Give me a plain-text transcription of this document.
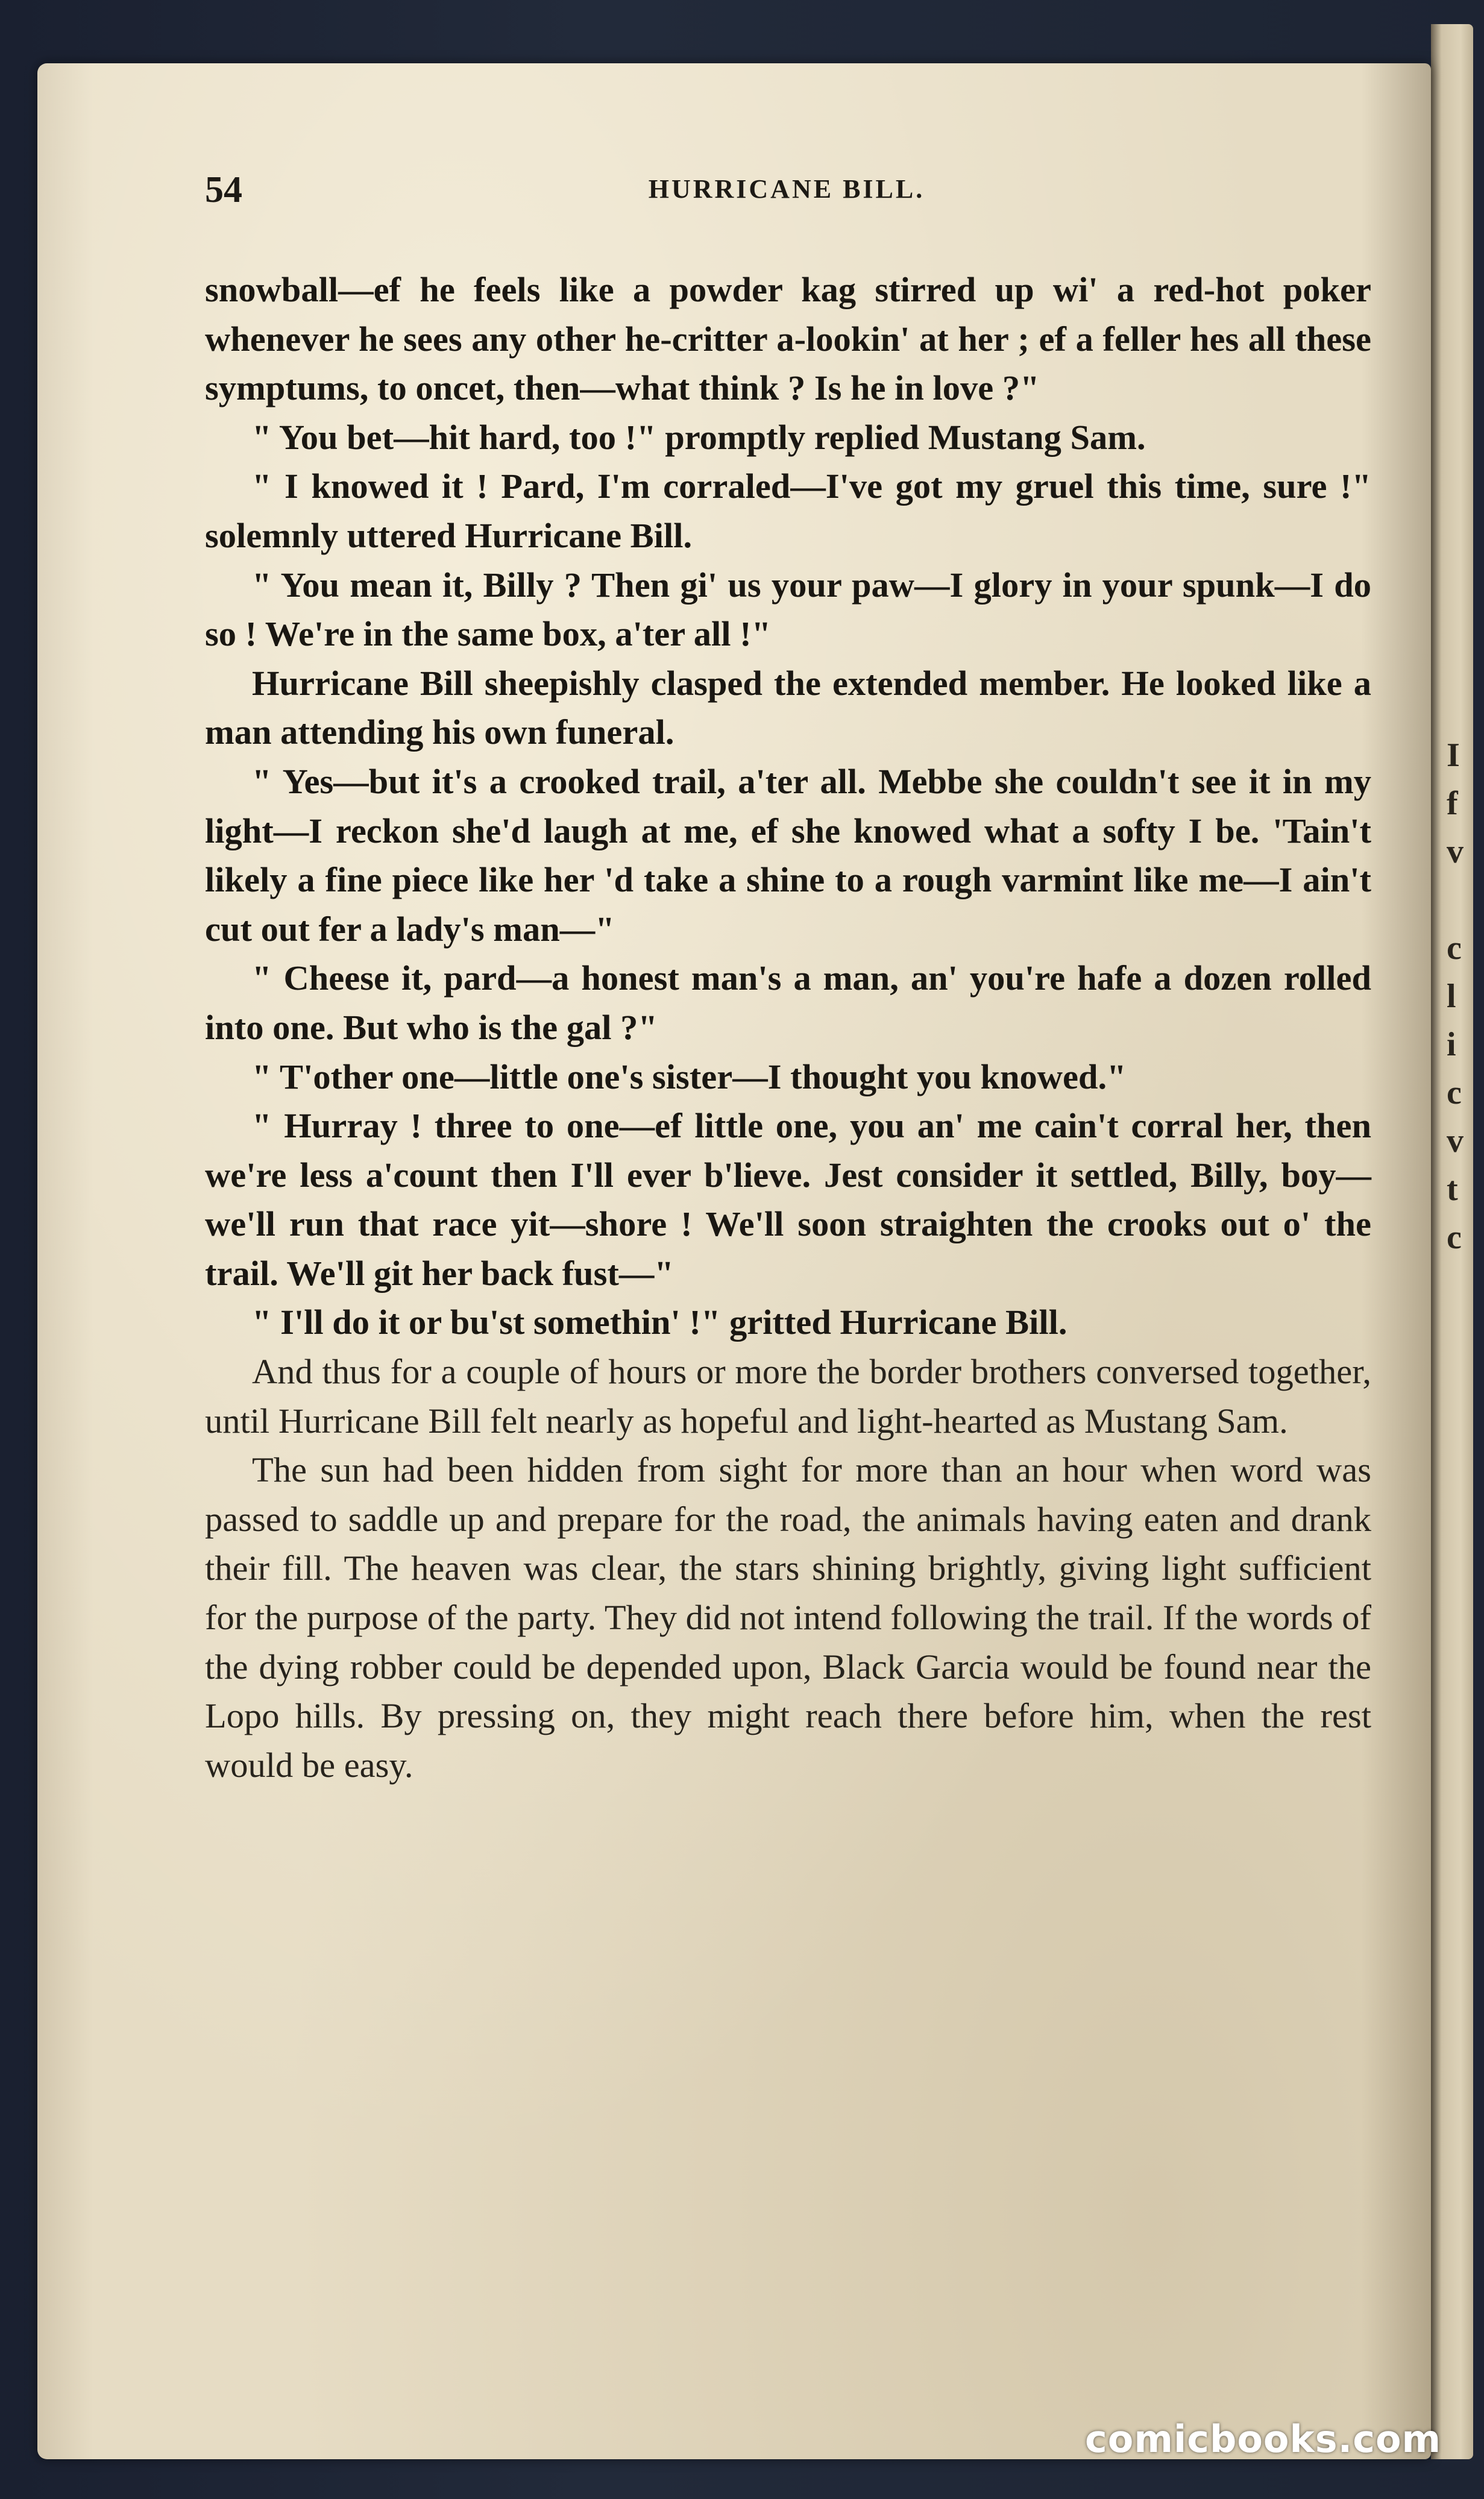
I
f
v
c
l
i
c
v
t
c
54	HURRICANE BILL.

snowball—ef he feels like a powder kag stirred up wi' a red-hot poker whenever he sees any other he-critter a-lookin' at her ; ef a feller hes all these symptums, to oncet, then—what think ? Is he in love ?"

" You bet—hit hard, too !" promptly replied Mustang Sam.

" I knowed it ! Pard, I'm corraled—I've got my gruel this time, sure !" solemnly uttered Hurricane Bill.

" You mean it, Billy ? Then gi' us your paw—I glory in your spunk—I do so ! We're in the same box, a'ter all !"

Hurricane Bill sheepishly clasped the extended member. He looked like a man attending his own funeral.

" Yes—but it's a crooked trail, a'ter all. Mebbe she couldn't see it in my light—I reckon she'd laugh at me, ef she knowed what a softy I be. 'Tain't likely a fine piece like her 'd take a shine to a rough varmint like me—I ain't cut out fer a lady's man—"

" Cheese it, pard—a honest man's a man, an' you're hafe a dozen rolled into one. But who is the gal ?"

" T'other one—little one's sister—I thought you knowed."

" Hurray ! three to one—ef little one, you an' me cain't corral her, then we're less a'count then I'll ever b'lieve. Jest consider it settled, Billy, boy—we'll run that race yit—shore ! We'll soon straighten the crooks out o' the trail. We'll git her back fust—"

" I'll do it or bu'st somethin' !" gritted Hurricane Bill.

And thus for a couple of hours or more the border brothers conversed together, until Hurricane Bill felt nearly as hopeful and light-hearted as Mustang Sam.

The sun had been hidden from sight for more than an hour when word was passed to saddle up and prepare for the road, the animals having eaten and drank their fill. The heaven was clear, the stars shining brightly, giving light sufficient for the purpose of the party. They did not intend following the trail. If the words of the dying robber could be depended upon, Black Garcia would be found near the Lopo hills. By pressing on, they might reach there before him, when the rest would be easy.

comicbooks.com
